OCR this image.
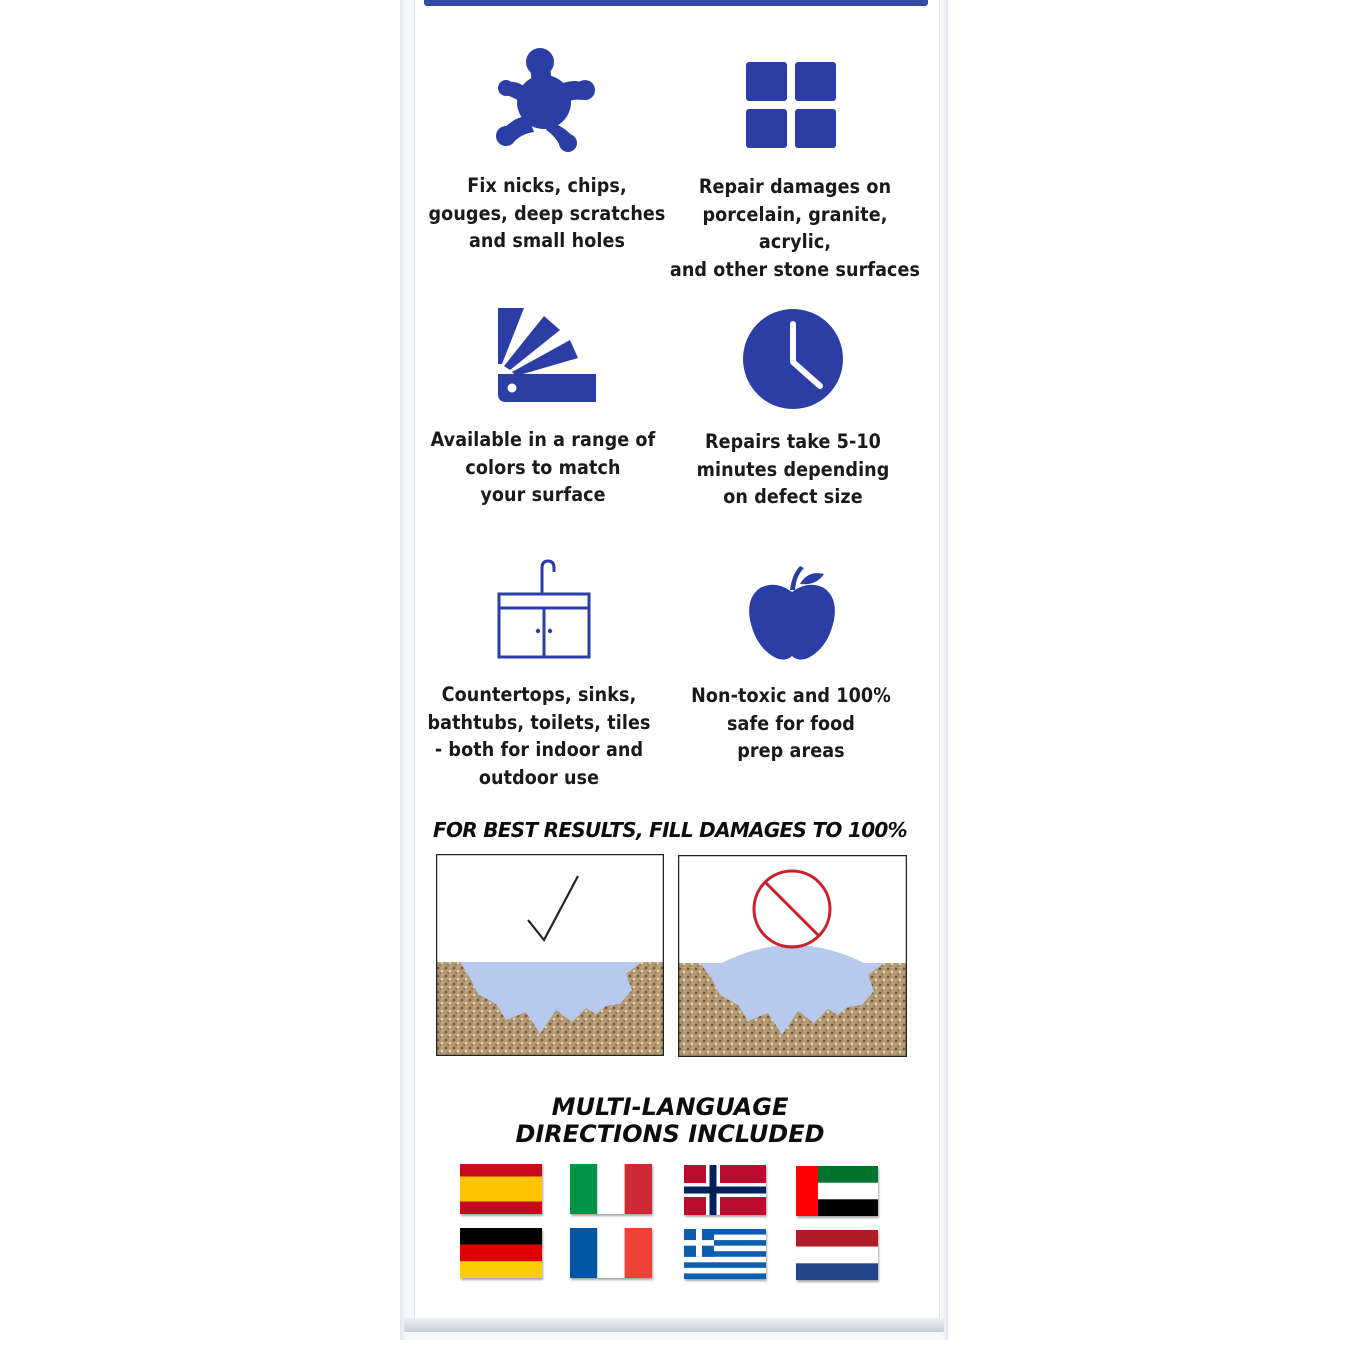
Fix nicks, chips,
gouges, deep scratches
and small holes
Repair damages on
porcelain, granite, acrylic,
and other stone surfaces
Available in a range of
colors to match
your surface
Repairs take 5-10
minutes depending
on defect size
Countertops, sinks,
bathtubs, toilets, tiles
- both for indoor and
outdoor use
Non-toxic and 100%
safe for food
prep areas
FOR BEST RESULTS, FILL DAMAGES TO 100%
MULTI-LANGUAGE
DIRECTIONS INCLUDED
